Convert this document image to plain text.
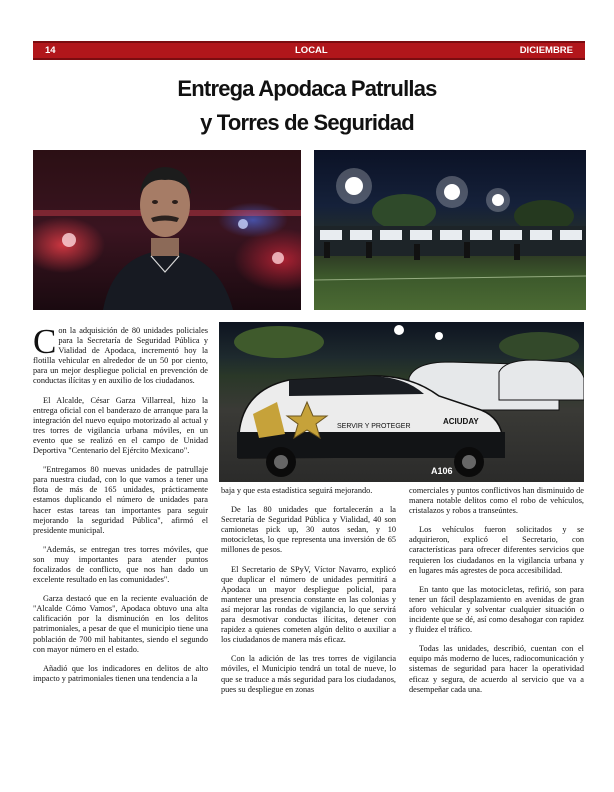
14	LOCAL	DICIEMBRE
Entrega Apodaca Patrullas
y Torres de Seguridad
SERVIR Y PROTEGER
ACIUDAY
A106

Con la adquisición de 80 unidades policiales para la Secretaría de Seguridad Pública y Vialidad de Apodaca, incrementó hoy la flotilla vehicular en alrededor de un 50 por ciento, para un mejor despliegue policial en prevención de conductas ilícitas y en auxilio de los ciudadanos.

El Alcalde, César Garza Villarreal, hizo la entrega oficial con el banderazo de arranque para la integración del nuevo equipo motorizado al actual y tres torres de vigilancia urbana móviles, en un evento que se realizó en el campo de Unidad Deportiva "Centenario del Ejército Mexicano".

"Entregamos 80 nuevas unidades de patrullaje para nuestra ciudad, con lo que vamos a tener una flota de más de 165 unidades, prácticamente estamos duplicando el número de unidades para hacer estas tareas tan importantes para seguir mejorando la seguridad Pública", afirmó el presidente municipal.

"Además, se entregan tres torres móviles, que son muy importantes para atender puntos focalizados de conflicto, que nos han dado un excelente resultado en las comunidades".

Garza destacó que en la reciente evaluación de "Alcalde Cómo Vamos", Apodaca obtuvo una alta calificación por la disminución en los delitos patrimoniales, a pesar de que el municipio tiene una población de 700 mil habitantes, siendo el segundo con mayor número en el estado.

Añadió que los indicadores en delitos de alto impacto y patrimoniales tienen una tendencia a la

baja y que esta estadística seguirá mejorando.

De las 80 unidades que fortalecerán a la Secretaría de Seguridad Pública y Vialidad, 40 son camionetas pick up, 30 autos sedan, y 10 motocicletas, lo que representa una inversión de 65 millones de pesos.

El Secretario de SPyV, Víctor Navarro, explicó que duplicar el número de unidades permitirá a Apodaca un mayor despliegue policial, para mantener una presencia constante en las colonias y así mejorar las rondas de vigilancia, lo que servirá para desmotivar conductas ilícitas, detener con rapidez a quienes cometen algún delito o auxiliar a los ciudadanos de manera más eficaz.

Con la adición de las tres torres de vigilancia móviles, el Municipio tendrá un total de nueve, lo que se traduce a más seguridad para los ciudadanos, pues su despliegue en zonas

comerciales y puntos conflictivos han disminuido de manera notable delitos como el robo de vehículos, cristalazos y robos a transeúntes.

Los vehículos fueron solicitados y se adquirieron, explicó el Secretario, con características para ofrecer diferentes servicios que requieren los ciudadanos en la vigilancia urbana y en lugares más agrestes de poca accesibilidad.

En tanto que las motocicletas, refirió, son para tener un fácil desplazamiento en avenidas de gran aforo vehicular y solventar cualquier situación o incidente que se dé, así como desahogar con rapidez y fluidez el tráfico.

Todas las unidades, describió, cuentan con el equipo más moderno de luces, radiocomunicación y sistemas de seguridad para hacer la operatividad eficaz y segura, de acuerdo al servicio que va a desempeñar cada una.
